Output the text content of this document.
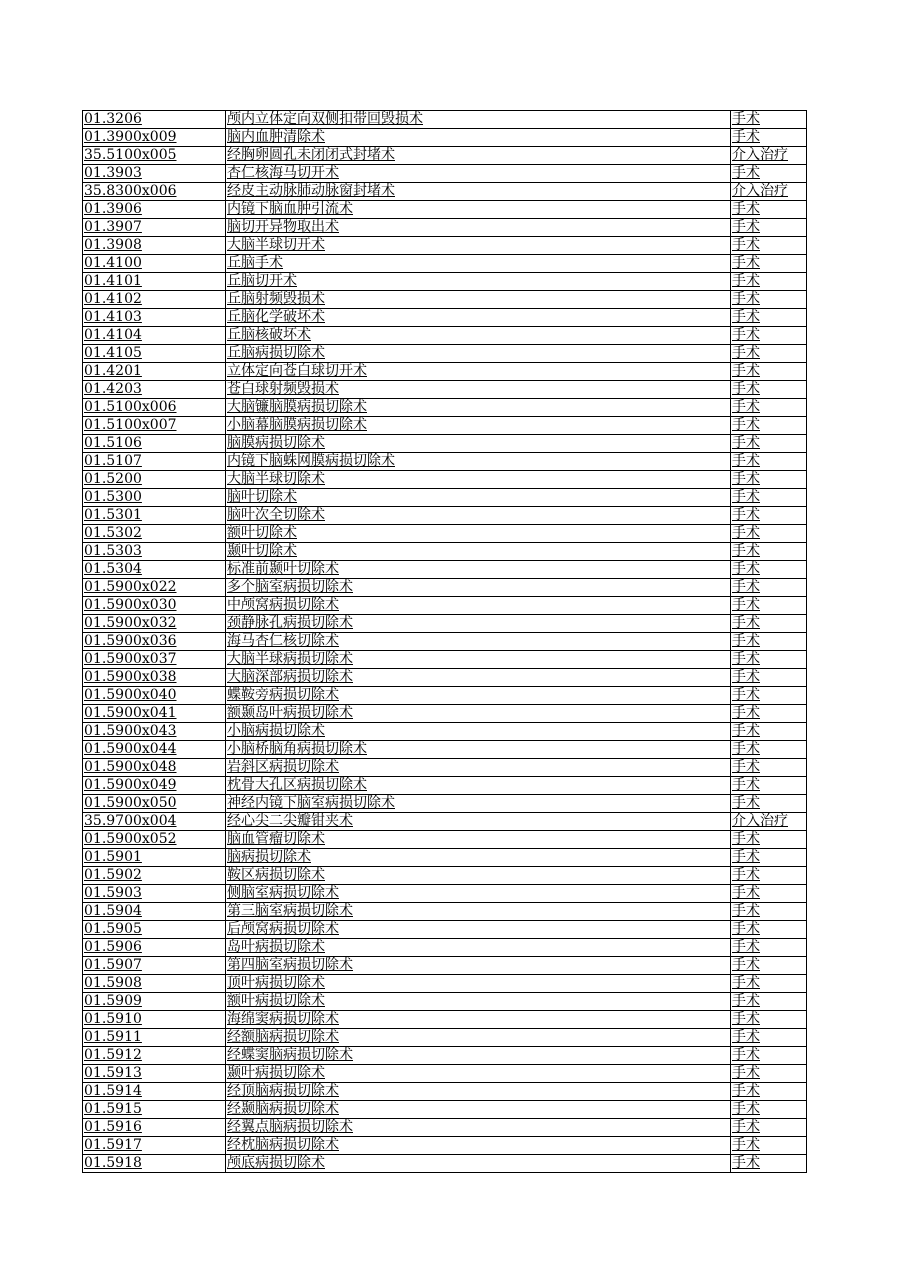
01.3206	颅内立体定向双侧扣带回毁损术	手术
01.3900x009	脑内血肿清除术	手术
35.5100x005	经胸卵圆孔未闭闭式封堵术	介入治疗
01.3903	杏仁核海马切开术	手术
35.8300x006	经皮主动脉肺动脉窗封堵术	介入治疗
01.3906	内镜下脑血肿引流术	手术
01.3907	脑切开异物取出术	手术
01.3908	大脑半球切开术	手术
01.4100	丘脑手术	手术
01.4101	丘脑切开术	手术
01.4102	丘脑射频毁损术	手术
01.4103	丘脑化学破坏术	手术
01.4104	丘脑核破坏术	手术
01.4105	丘脑病损切除术	手术
01.4201	立体定向苍白球切开术	手术
01.4203	苍白球射频毁损术	手术
01.5100x006	大脑镰脑膜病损切除术	手术
01.5100x007	小脑幕脑膜病损切除术	手术
01.5106	脑膜病损切除术	手术
01.5107	内镜下脑蛛网膜病损切除术	手术
01.5200	大脑半球切除术	手术
01.5300	脑叶切除术	手术
01.5301	脑叶次全切除术	手术
01.5302	额叶切除术	手术
01.5303	颞叶切除术	手术
01.5304	标准前颞叶切除术	手术
01.5900x022	多个脑室病损切除术	手术
01.5900x030	中颅窝病损切除术	手术
01.5900x032	颈静脉孔病损切除术	手术
01.5900x036	海马杏仁核切除术	手术
01.5900x037	大脑半球病损切除术	手术
01.5900x038	大脑深部病损切除术	手术
01.5900x040	蝶鞍旁病损切除术	手术
01.5900x041	额颞岛叶病损切除术	手术
01.5900x043	小脑病损切除术	手术
01.5900x044	小脑桥脑角病损切除术	手术
01.5900x048	岩斜区病损切除术	手术
01.5900x049	枕骨大孔区病损切除术	手术
01.5900x050	神经内镜下脑室病损切除术	手术
35.9700x004	经心尖二尖瓣钳夹术	介入治疗
01.5900x052	脑血管瘤切除术	手术
01.5901	脑病损切除术	手术
01.5902	鞍区病损切除术	手术
01.5903	侧脑室病损切除术	手术
01.5904	第三脑室病损切除术	手术
01.5905	后颅窝病损切除术	手术
01.5906	岛叶病损切除术	手术
01.5907	第四脑室病损切除术	手术
01.5908	顶叶病损切除术	手术
01.5909	额叶病损切除术	手术
01.5910	海绵窦病损切除术	手术
01.5911	经额脑病损切除术	手术
01.5912	经蝶窦脑病损切除术	手术
01.5913	颞叶病损切除术	手术
01.5914	经顶脑病损切除术	手术
01.5915	经颞脑病损切除术	手术
01.5916	经翼点脑病损切除术	手术
01.5917	经枕脑病损切除术	手术
01.5918	颅底病损切除术	手术
